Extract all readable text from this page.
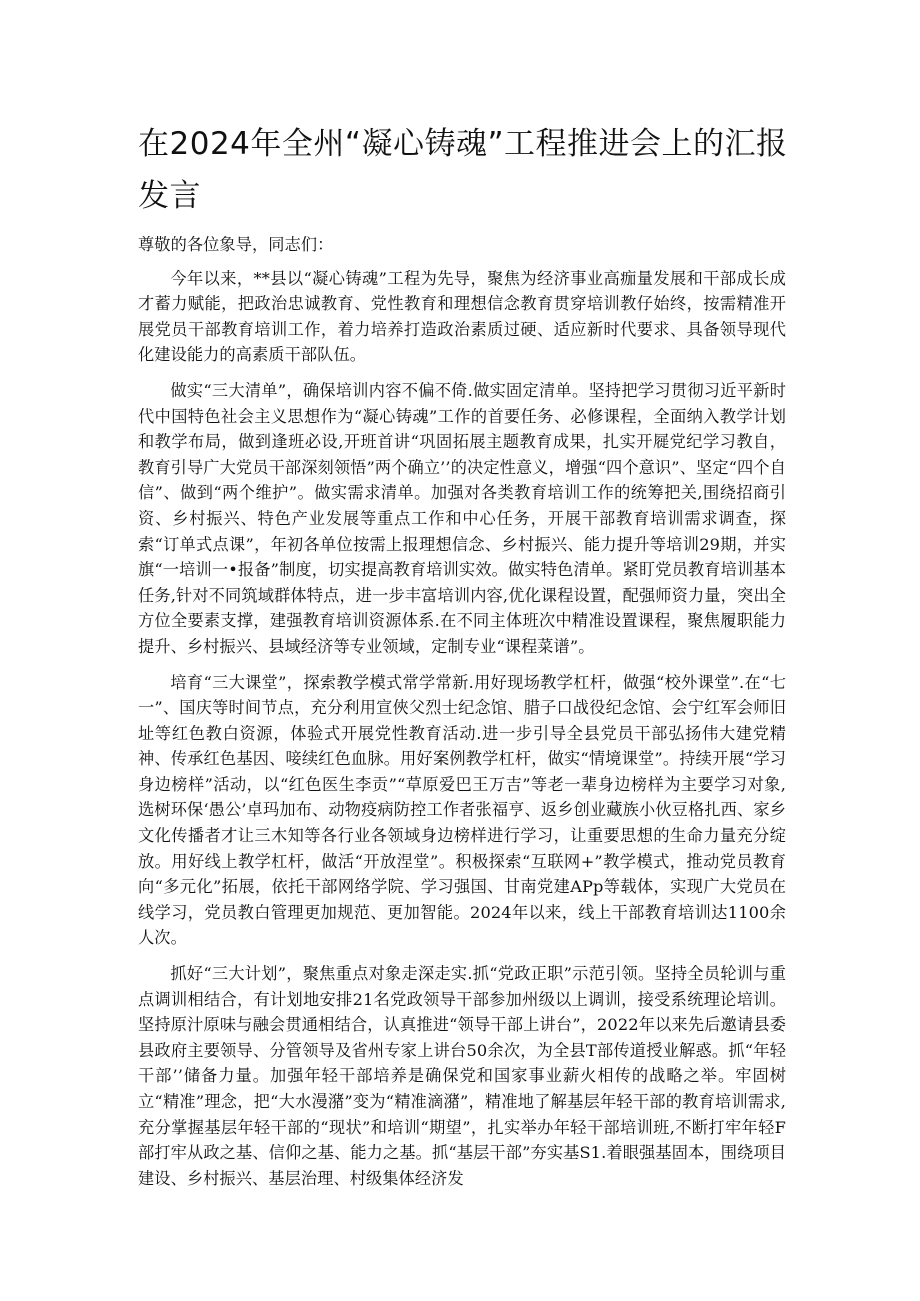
在2024年全州“凝心铸魂”工程推进会上的汇报发言

尊敬的各位象导，同志们：

今年以来，**县以“凝心铸魂”工程为先导，聚焦为经济事业高痂量发展和干部成长成才蓄力赋能，把政治忠诚教育、党性教育和理想信念教育贯穿培训教仔始终，按需精准开展党员干部教育培训工作，着力培养打造政治素质过硬、适应新时代要求、具备领导现代化建设能力的高素质干部队伍。

做实“三大清单”，确保培训内容不偏不倚.做实固定清单。坚持把学习贯彻习近平新时代中国特色社会主义思想作为“凝心铸魂”工作的首要任务、必修课程，全面纳入教学计划和教学布局，做到逢班必设,开班首讲“巩固拓展主题教育成果，扎实开屣党纪学习教自，教育引导广大党员干部深刻领悟”两个确立’’的决定性意义，增强“四个意识”、坚定“四个自信”、做到“两个维护”。做实需求清单。加强对各类教育培训工作的统筹把关,围绕招商引资、乡村振兴、特色产业发展等重点工作和中心任务，开展干部教育培训需求调查，探索“订单式点课”，年初各单位按需上报理想信念、乡村振兴、能力提升等培训29期，并实旗“一培训一•报备”制度，切实提高教育培训实效。做实特色清单。紧盯党员教育培训基本任务,针对不同筑域群体特点，进一步丰富培训内容,优化课程设置，配强师资力量，突出全方位全要素支撑，建强教育培训资源体系.在不同主体班次中精准设置课程，聚焦履职能力提升、乡村振兴、县域经济等专业领域，定制专业“课程菜谱”。

培育“三大课堂”，探索教学模式常学常新.用好现场教学杠杆，做强“校外课堂”.在“七一”、国庆等时间节点，充分利用宣俠父烈士纪念馆、腊子口战役纪念馆、会宁红军会师旧址等红色教白资源，体验式开展党性教育活动.进一步引导全县党员干部弘扬伟大建党精神、传承红色基因、唼续红色血脉。用好案例教学杠杆，做实“情境课堂”。持续开展“学习身边榜样”活动，以“红色医生李贡”“草原爱巴王万吉”等老一辈身边榜样为主要学习对象,选树环保‘愚公’卓玛加布、动物疫病防控工作者张福亨、返乡创业藏族小伙豆格扎西、家乡文化传播者才让三木知等各行业各领域身边榜样进行学习，让重要思想的生命力量充分绽放。用好线上教学杠杆，做活“开放涅堂”。积极探索“互联网+”教学模式，推动党员教育向“多元化”拓展，依托干部网络学院、学习强国、甘南党建APp等载体，实现广大党员在线学习，党员教白管理更加规范、更加智能。2024年以来，线上干部教育培训达1100余人次。

抓好“三大计划”，聚焦重点对象走深走实.抓“党政正职”示范引领。坚持全员轮训与重点调训相结合，有计划地安排21名党政领导干部参加州级以上调训，接受系统理论培训。坚持原汁原味与融会贯通相结合，认真推进“领导干部上讲台”，2022年以来先后邀请县委县政府主要领导、分管领导及省州专家上讲台50余次，为全县T部传道授业解惑。抓“年轻干部’’储备力量。加强年轻干部培养是确保党和国家事业薪火相传的战略之举。牢固树立“精准”理念，把“大水漫潴”变为“精准滴潴”，精准地了解基层年轻干部的教育培训需求,充分掌握基层年轻干部的“现状”和培训“期望”，扎实举办年轻干部培训班,不断打牢年轻F部打牢从政之基、信仰之基、能力之基。抓“基层干部”夯实基S1.着眼强基固本，围绕项目建设、乡村振兴、基层治理、村级集体经济发
